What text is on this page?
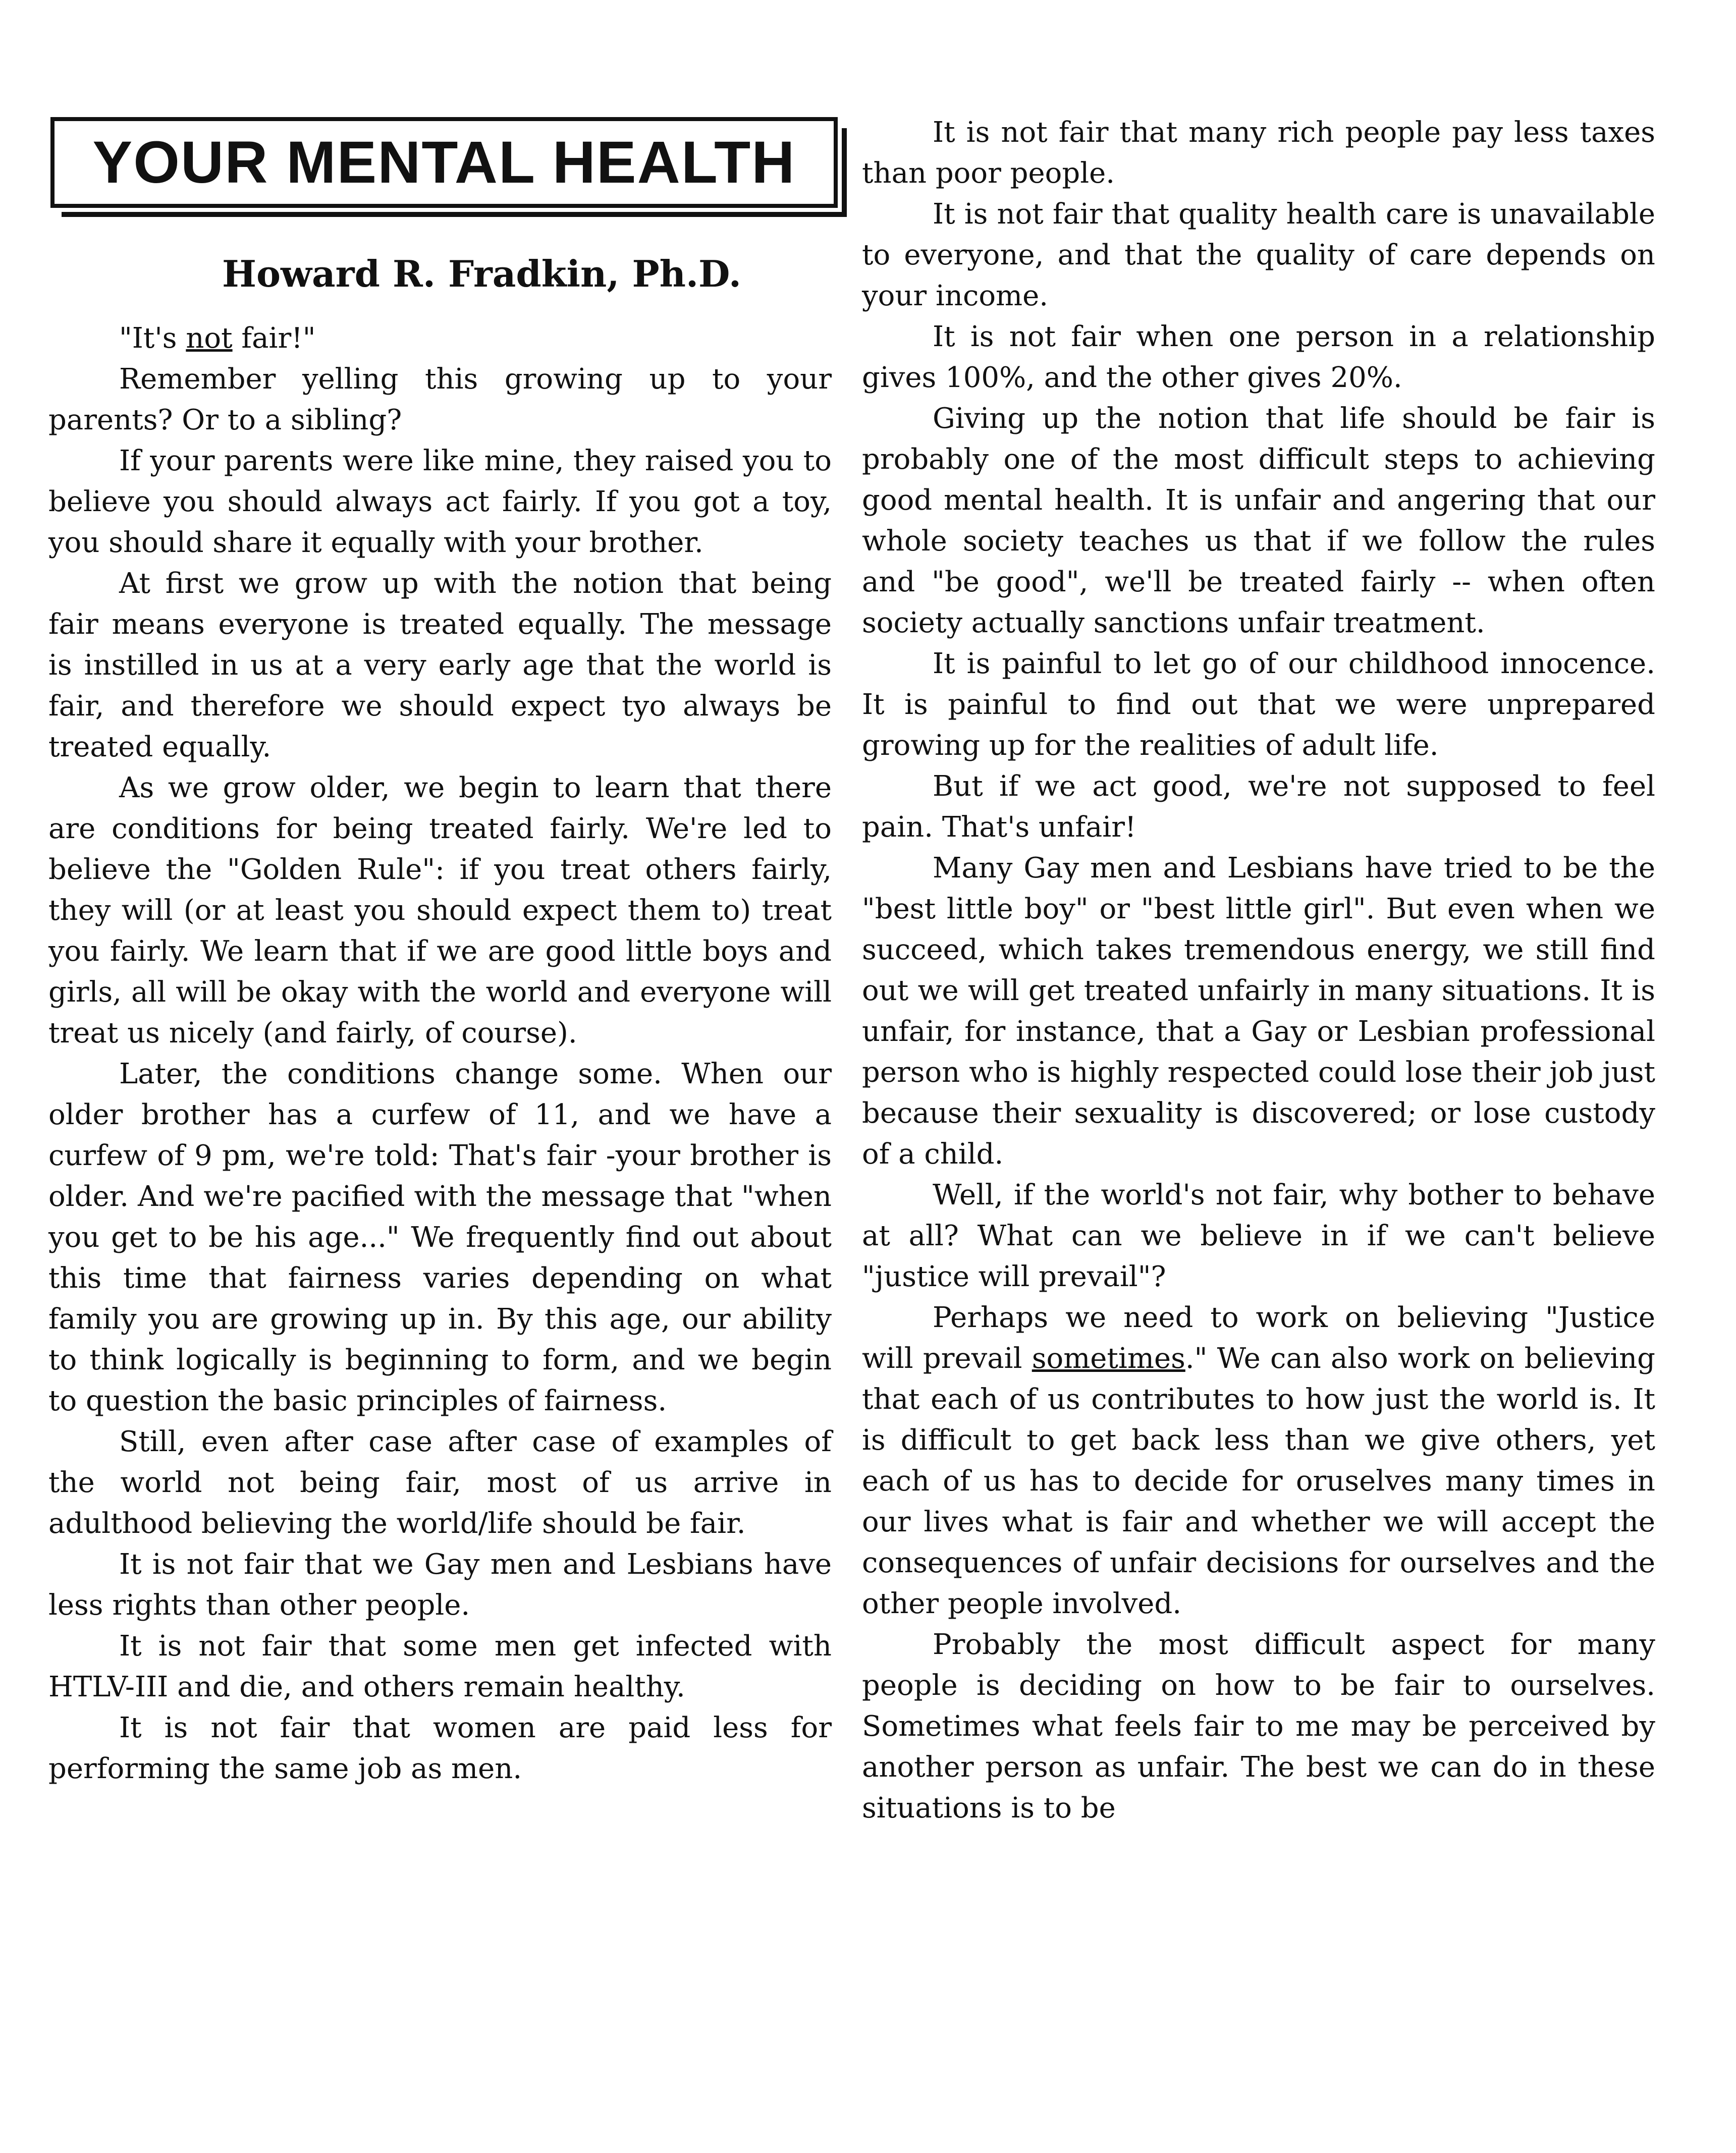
YOUR MENTAL HEALTH
Howard R. Fradkin, Ph.D.

"It's not fair!"

Remember yelling this growing up to your parents? Or to a sibling?

If your parents were like mine, they raised you to believe you should always act fairly. If you got a toy, you should share it equally with your brother.

At first we grow up with the notion that being fair means everyone is treated equally. The message is instilled in us at a very early age that the world is fair, and therefore we should expect tyo always be treated equally.

As we grow older, we begin to learn that there are conditions for being treated fairly. We're led to believe the "Golden Rule": if you treat others fairly, they will (or at least you should expect them to) treat you fairly. We learn that if we are good little boys and girls, all will be okay with the world and everyone will treat us nicely (and fairly, of course).

Later, the conditions change some. When our older brother has a curfew of 11, and we have a curfew of 9 pm, we're told: That's fair -your brother is older. And we're pacified with the message that "when you get to be his age..." We frequently find out about this time that fairness varies depending on what family you are growing up in. By this age, our ability to think logically is beginning to form, and we begin to question the basic principles of fairness.

Still, even after case after case of examples of the world not being fair, most of us arrive in adulthood believing the world/life should be fair.

It is not fair that we Gay men and Lesbians have less rights than other people.

It is not fair that some men get infected with HTLV-III and die, and others remain healthy.

It is not fair that women are paid less for performing the same job as men.

It is not fair that many rich people pay less taxes than poor people.

It is not fair that quality health care is unavailable to everyone, and that the quality of care depends on your income.

It is not fair when one person in a relationship gives 100%, and the other gives 20%.

Giving up the notion that life should be fair is probably one of the most difficult steps to achieving good mental health. It is unfair and angering that our whole society teaches us that if we follow the rules and "be good", we'll be treated fairly -- when often society actually sanctions unfair treatment.

It is painful to let go of our childhood innocence. It is painful to find out that we were unprepared growing up for the realities of adult life.

But if we act good, we're not supposed to feel pain. That's unfair!

Many Gay men and Lesbians have tried to be the "best little boy" or "best little girl". But even when we succeed, which takes tremendous energy, we still find out we will get treated unfairly in many situations. It is unfair, for instance, that a Gay or Lesbian professional person who is highly respected could lose their job just because their sexuality is discovered; or lose custody of a child.

Well, if the world's not fair, why bother to behave at all? What can we believe in if we can't believe "justice will prevail"?

Perhaps we need to work on believing "Justice will prevail sometimes." We can also work on believing that each of us contributes to how just the world is. It is difficult to get back less than we give others, yet each of us has to decide for oruselves many times in our lives what is fair and whether we will accept the consequences of unfair decisions for ourselves and the other people involved.

Probably the most difficult aspect for many people is deciding on how to be fair to ourselves. Sometimes what feels fair to me may be perceived by another person as unfair. The best we can do in these situations is to be
